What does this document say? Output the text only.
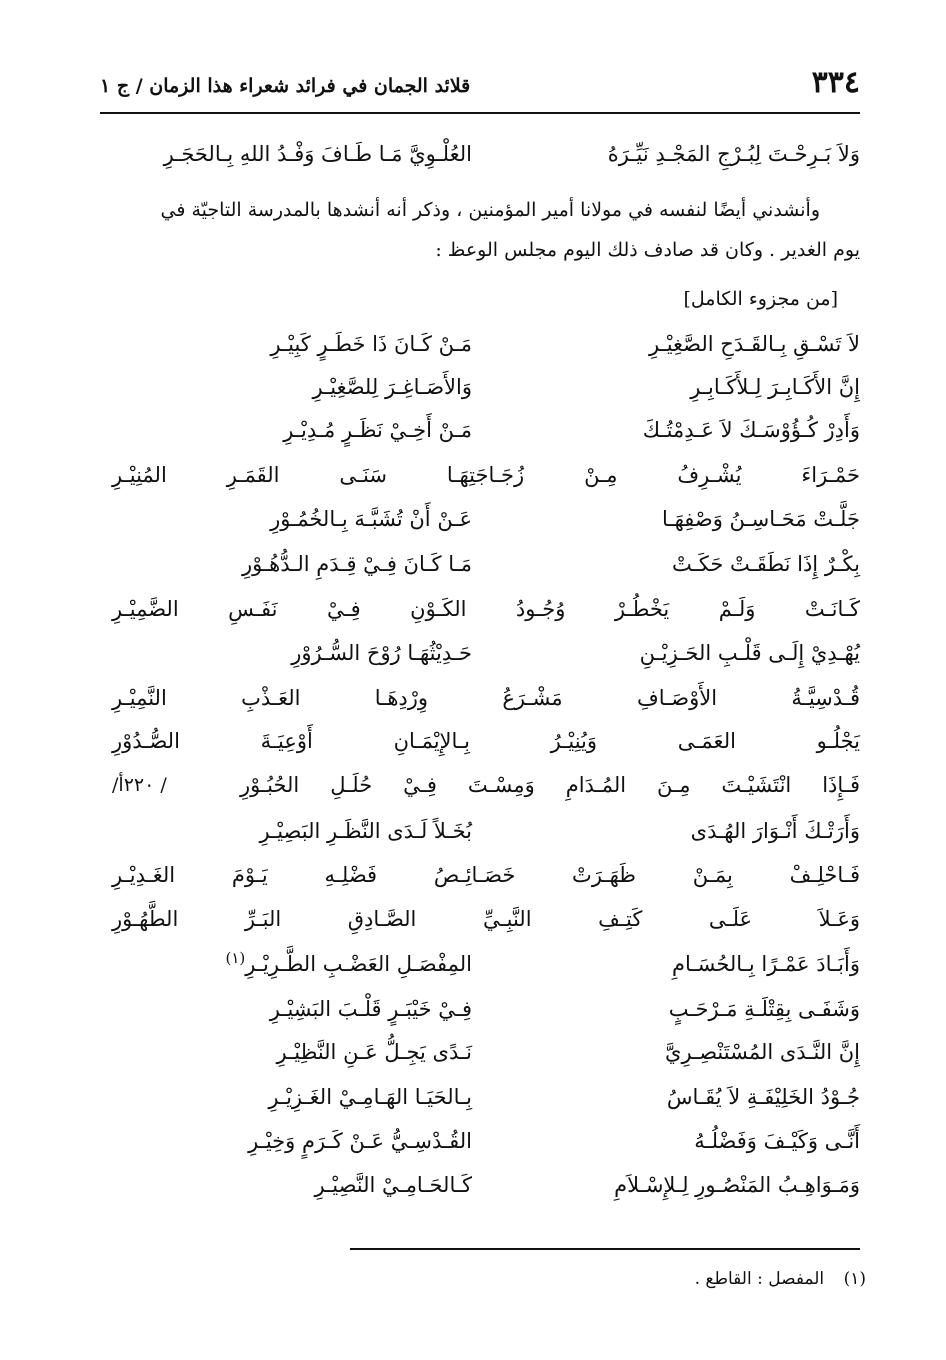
٣٣٤
قلائد الجمان في فرائد شعراء هذا الزمان / ج ١
وَلاَ بَـرِحْـتَ لِبُـرْجِ المَجْـدِ نَيِّـرَهُ
العُلْـوِيَّ مَـا طَـافَ وَفْـدُ اللهِ بِـالحَجَـرِ

وأنشدني أيضًا لنفسه في مولانا أمير المؤمنين ، وذكر أنه أنشدها بالمدرسة التاجيّة في

يوم الغدير . وكان قد صادف ذلك اليوم مجلس الوعظ :

[من مجزوء الكامل]
لاَ تَسْـقِ بِـالقَـدَحِ الصَّغِيْـرِ
مَـنْ كَـانَ ذَا خَطَـرٍ كَبِيْـرِ
إِنَّ الأَكَـابِـرَ لِـلأَكَـابِـرِ
وَالأَصَـاغِـرَ لِلصَّغِيْـرِ
وَأَدِرْ كُـؤُوْسَـكَ لاَ عَـدِمْتُـكَ
مَـنْ أَخِـيْ نَظَـرٍ مُـدِيْـرِ
حَمْـرَاءَ يُشْـرِفُ مِـنْ زُجَـاجَتِهَـا سَنَـى القَمَـرِ المُنِيْـرِ
جَلَّـتْ مَحَـاسِـنُ وَصْفِهَـا
عَـنْ أَنْ تُشَبَّـهَ بِـالخُمُـوْرِ
بِكْـرٌ إِذَا نَطَقَـتْ حَكَـتْ
مَـا كَـانَ فِـيْ قِـدَمِ الـدُّهُـوْرِ
كَـانَـتْ وَلَـمْ يَخْطُـرْ وُجُـودُ الكَـوْنِ فِـيْ نَفَـسِ الضَّمِيْـرِ
يُهْـدِيْ إِلَـى قَلْـبِ الحَـزِيْـنِ
حَـدِيْثُهَـا رُوْحَ السُّـرُوْرِ
قُـدْسِيَّـةُ الأَوْصَـافِ مَشْـرَعُ وِرْدِهَـا العَـذْبِ النَّمِيْـرِ
يَجْلُـو العَمَـى وَيُنِيْـرُ بِـالإِيْمَـانِ أَوْعِيَـةَ الصُّـدُوْرِ
فَـإِذَا انْتَشَيْـتَ مِـنَ المُـدَامِ وَمِسْـتَ فِـيْ حُلَـلِ الحُبُـوْرِ
/ ٢٢٠أ/
وَأَرَتْـكَ أَنْـوَارَ الهُـدَى
بُخَـلاً لَـدَى النَّظَـرِ البَصِيْـرِ
فَـاحْلِـفْ بِمَـنْ ظَهَـرَتْ خَصَـائِـصُ فَضْلِـهِ يَـوْمَ الغَـدِيْـرِ
وَعَـلاَ عَلَـى كَتِـفِ النَّبِـيِّ الصَّـادِقِ البَـرِّ الطَّهُـوْرِ
وَأَبَـادَ عَمْـرًا بِـالحُسَـامِ
المِفْصَـلِ العَضْـبِ الطَّـرِيْـرِ$^{(١)}$
وَشَفَـى بِقِتْلَـةِ مَـرْحَـبٍ
فِـيْ خَيْبَـرٍ قَلْـبَ البَشِيْـرِ
إِنَّ النَّـدَى المُسْتَنْصِـرِيَّ
نَـدًى يَجِـلُّ عَـنِ النَّظِيْـرِ
جُـوْدُ الخَلِيْفَـةِ لاَ يُقَـاسُ
بِـالحَيَـا الهَـامِـيْ الغَـزِيْـرِ
أَنَّـى وَكَيْـفَ وَفَضْلُـهُ
القُـدْسِـيُّ عَـنْ كَـرَمٍ وَخِيْـرِ
وَمَـوَاهِـبُ المَنْصُـورِ لِـلإِسْـلاَمِ
كَـالحَـامِـيْ النَّصِيْـرِ
(١) المفصل : القاطع .
